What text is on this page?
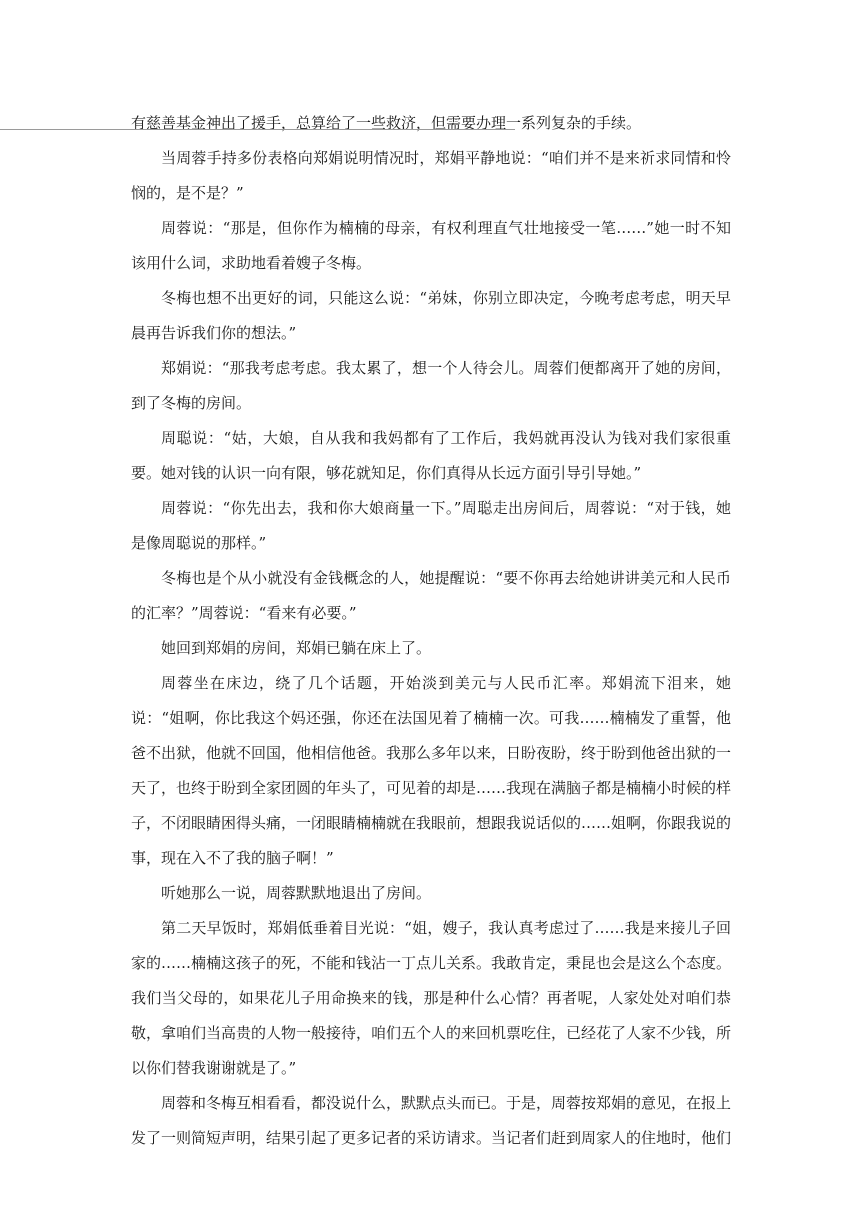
有慈善基金神出了援手，总算给了一些救济，但需要办理一系列复杂的手续。

当周蓉手持多份表格向郑娟说明情况时，郑娟平静地说：“咱们并不是来祈求同情和怜悯的，是不是？”

周蓉说：“那是，但你作为楠楠的母亲，有权利理直气壮地接受一笔……”她一时不知该用什么词，求助地看着嫂子冬梅。

冬梅也想不出更好的词，只能这么说：“弟妹，你别立即决定，今晚考虑考虑，明天早晨再告诉我们你的想法。”

郑娟说：“那我考虑考虑。我太累了，想一个人待会儿。周蓉们便都离开了她的房间，到了冬梅的房间。

周聪说：“姑，大娘，自从我和我妈都有了工作后，我妈就再没认为钱对我们家很重要。她对钱的认识一向有限，够花就知足，你们真得从长远方面引导引导她。”

周蓉说：“你先出去，我和你大娘商量一下。”周聪走出房间后，周蓉说：“对于钱，她是像周聪说的那样。”

冬梅也是个从小就没有金钱概念的人，她提醒说：“要不你再去给她讲讲美元和人民币的汇率？”周蓉说：“看来有必要。”

她回到郑娟的房间，郑娟已躺在床上了。

周蓉坐在床边，绕了几个话题，开始淡到美元与人民币汇率。郑娟流下泪来，她说：“姐啊，你比我这个妈还强，你还在法国见着了楠楠一次。可我……楠楠发了重誓，他爸不出狱，他就不回国，他相信他爸。我那么多年以来，日盼夜盼，终于盼到他爸出狱的一天了，也终于盼到全家团圆的年头了，可见着的却是……我现在满脑子都是楠楠小时候的样子，不闭眼睛困得头痛，一闭眼睛楠楠就在我眼前，想跟我说话似的……姐啊，你跟我说的事，现在入不了我的脑子啊！”

听她那么一说，周蓉默默地退出了房间。

第二天早饭时，郑娟低垂着目光说：“姐，嫂子，我认真考虑过了……我是来接儿子回家的……楠楠这孩子的死，不能和钱沾一丁点儿关系。我敢肯定，秉昆也会是这么个态度。我们当父母的，如果花儿子用命换来的钱，那是种什么心情？再者呢，人家处处对咱们恭敬，拿咱们当高贵的人物一般接待，咱们五个人的来回机票吃住，已经花了人家不少钱，所以你们替我谢谢就是了。”

周蓉和冬梅互相看看，都没说什么，默默点头而已。于是，周蓉按郑娟的意见，在报上发了一则简短声明，结果引起了更多记者的采访请求。当记者们赶到周家人的住地时，他们
